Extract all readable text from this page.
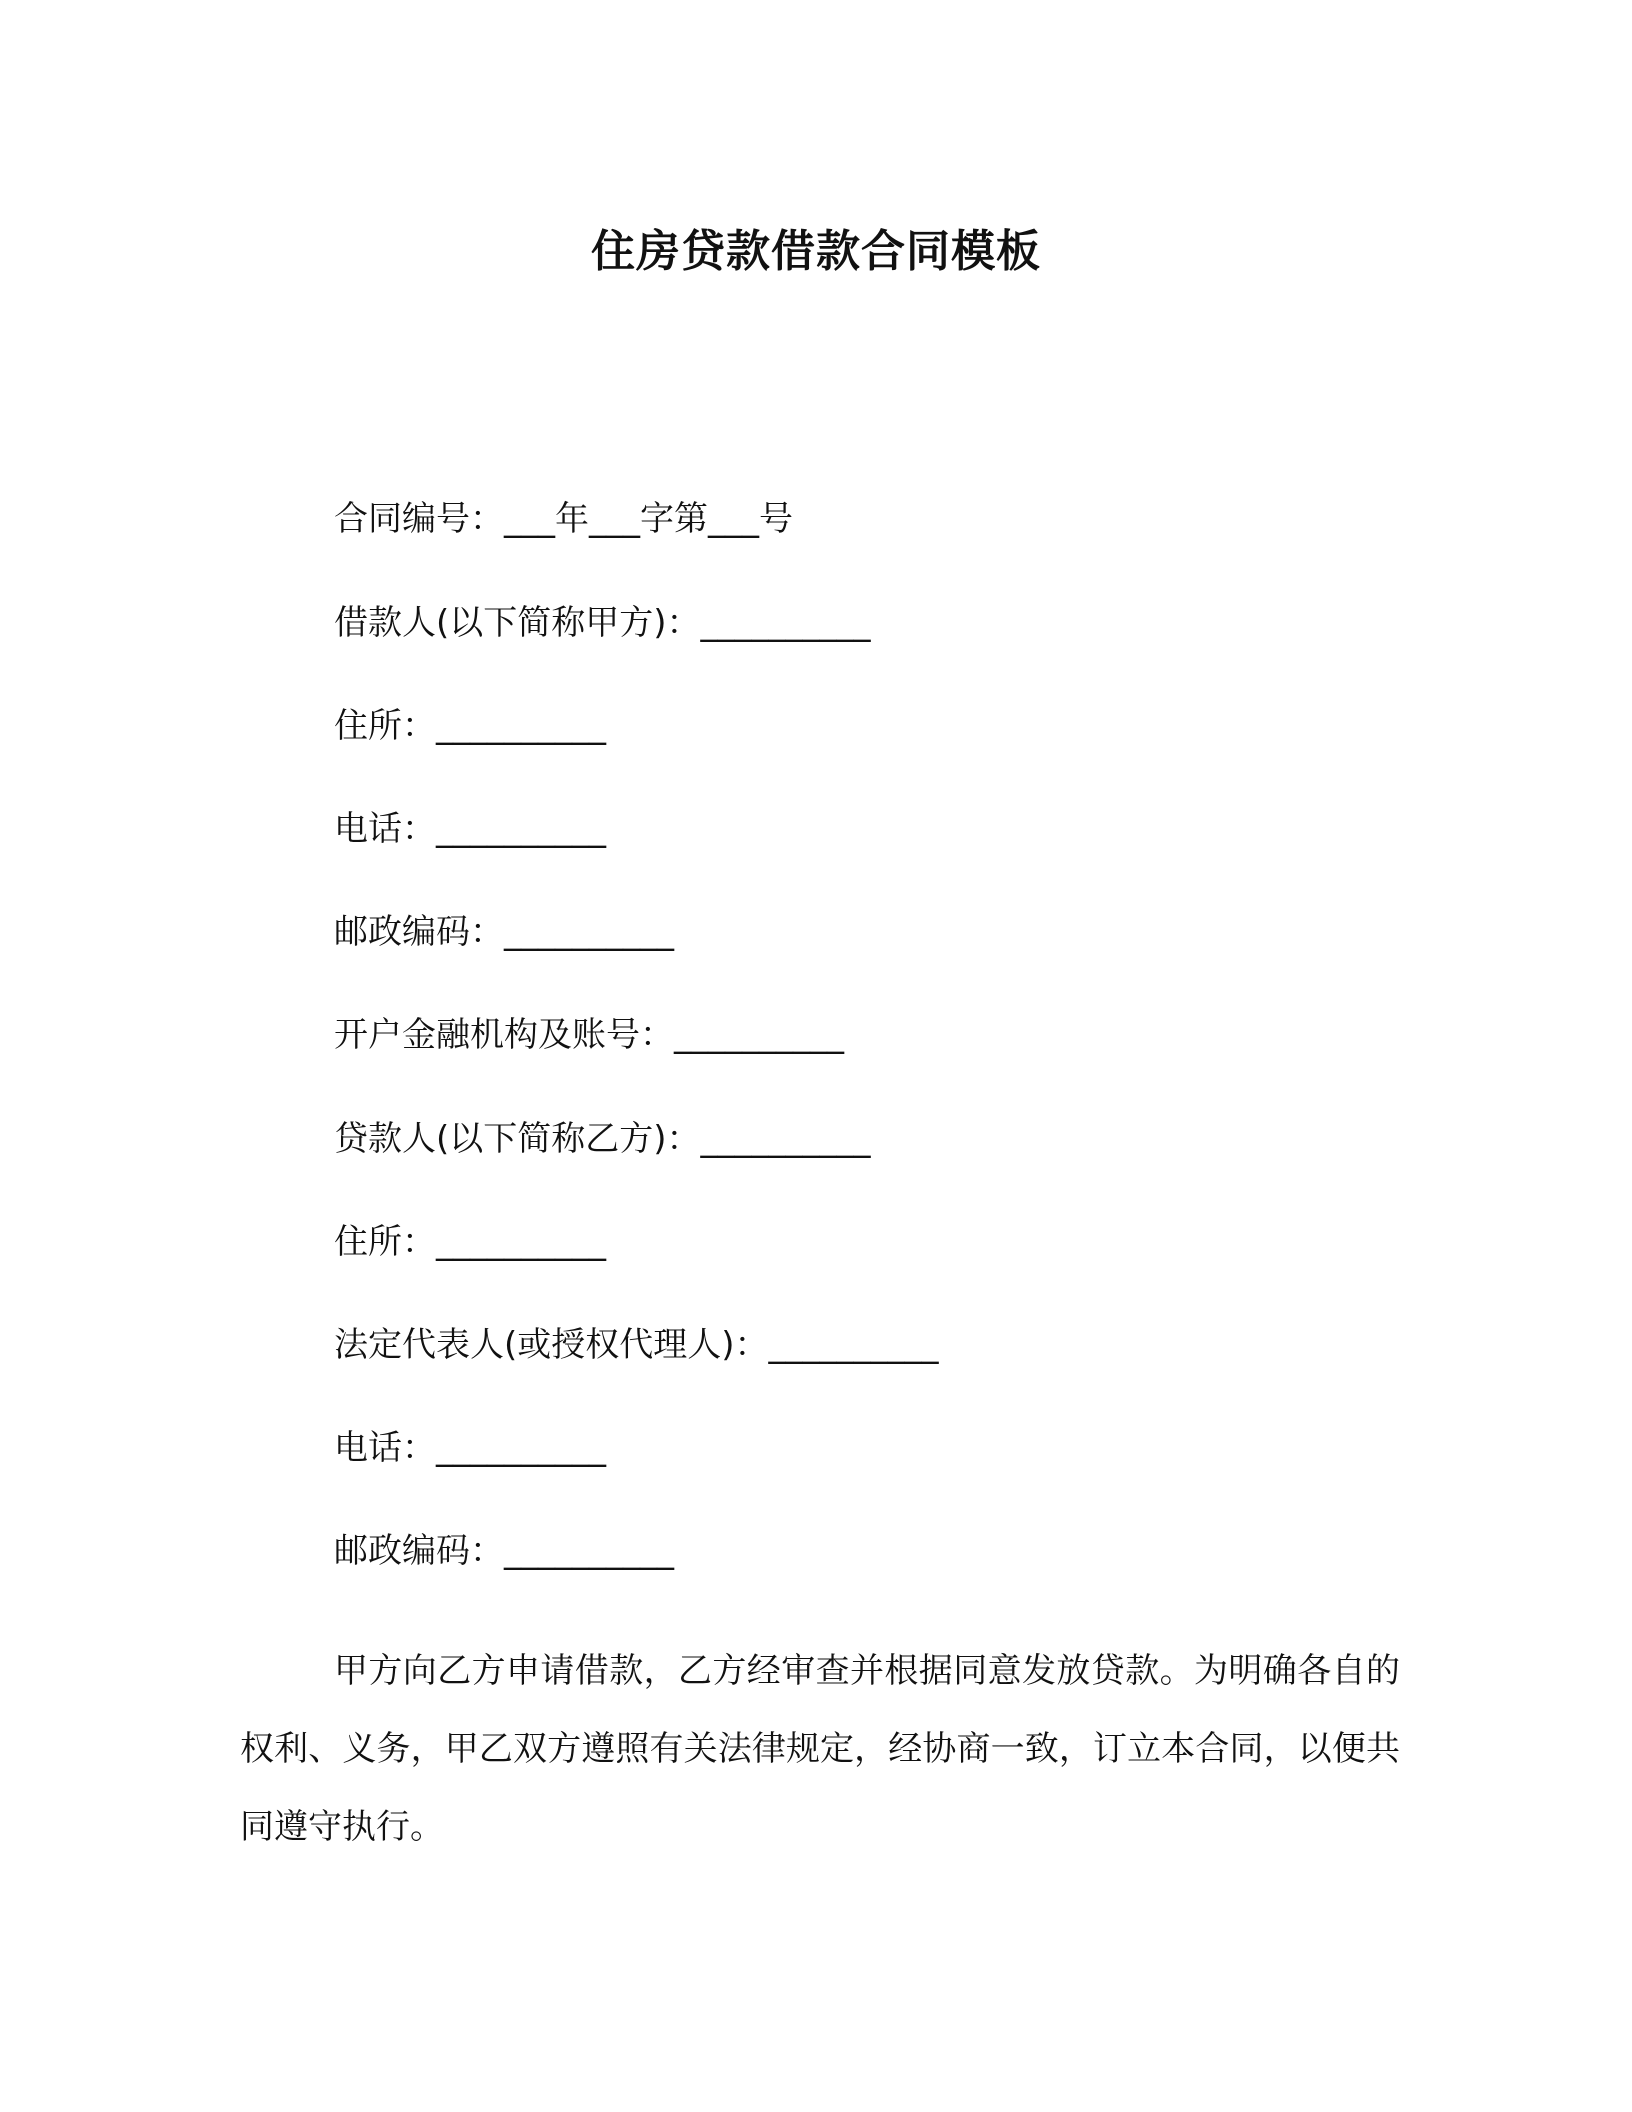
住房贷款借款合同模板
合同编号：___年___字第___号
借款人(以下简称甲方)：__________
住所：__________
电话：__________
邮政编码：__________
开户金融机构及账号：__________
贷款人(以下简称乙方)：__________
住所：__________
法定代表人(或授权代理人)：__________
电话：__________
邮政编码：__________
甲方向乙方申请借款，乙方经审查并根据同意发放贷款。为明确各自的权利、义务，甲乙双方遵照有关法律规定，经协商一致，订立本合同，以便共同遵守执行。
